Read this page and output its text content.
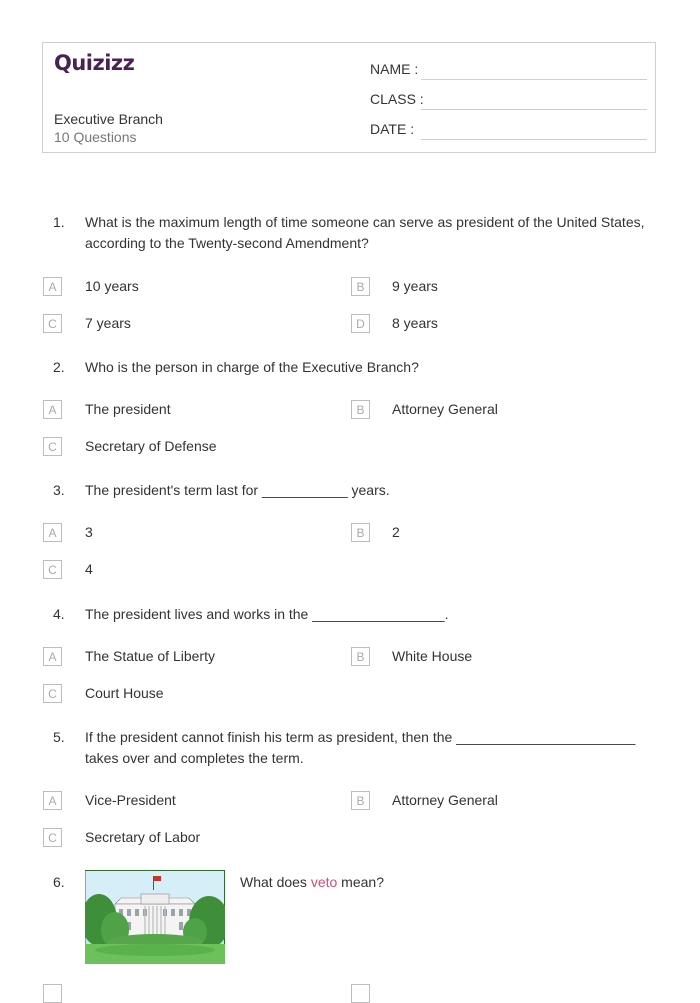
Quizizz
Executive Branch
10 Questions
NAME :
CLASS :
DATE :
1. What is the maximum length of time someone can serve as president of the United States, according to the Twenty-second Amendment?
A	10 years	B	9 years
C	7 years	D	8 years
2. Who is the person in charge of the Executive Branch?
A	The president	B	Attorney General
C	Secretary of Defense
3. The president's term last for ___________ years.
A	3	B	2
C	4
4. The president lives and works in the _________________.
A	The Statue of Liberty	B	White House
C	Court House
5. If the president cannot finish his term as president, then the _______________________ takes over and completes the term.
A	Vice-President	B	Attorney General
C	Secretary of Labor
6.	What does veto mean?
